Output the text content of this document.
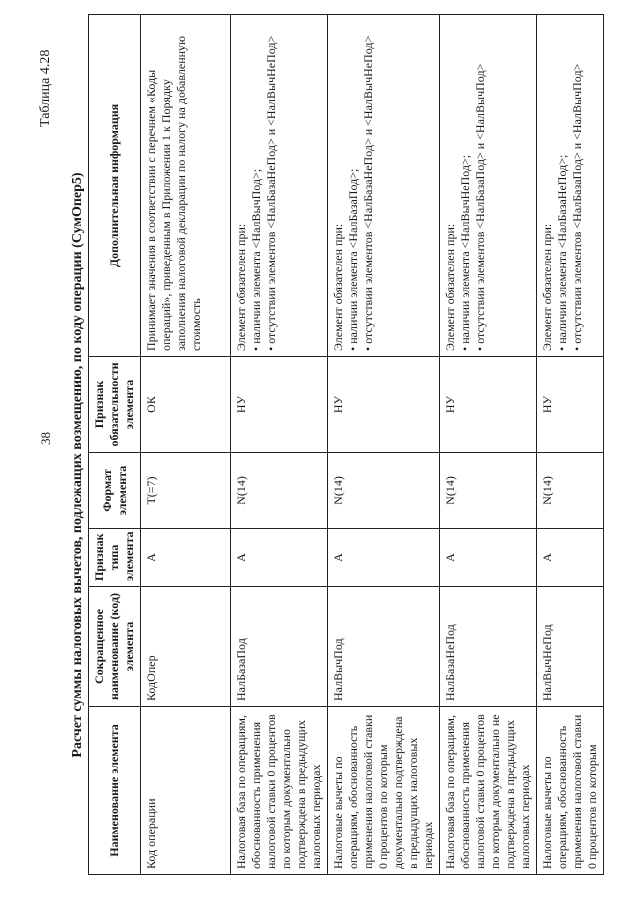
38
Таблица 4.28
Расчет суммы налоговых вычетов, подлежащих возмещению, по коду операции (СумОпер5)
Наименование элемента	Сокращенное наименование (код) элемента	Признак типа элемента	Формат элемента	Признак обязательности элемента	Дополнительная информация
Код операции	КодОпер	А	T(=7)	ОК	Принимает значения в соответствии с перечнем «Коды операций», приведенным в Приложении 1 к Порядку заполнения налоговой декларации по налогу на добавленную стоимость

Налоговая база по операциям, обоснованность применения налоговой ставки 0 процентов по которым документально подтверждена в предыдущих налоговых периодах	НалБазаПод	А	N(14)	НУ	Элемент обязателен при: • наличии элемента <НалВычПод>; • отсутствии элементов <НалБазаНеПод> и <НалВычНеПод>

Налоговые вычеты по операциям, обоснованность применения налоговой ставки 0 процентов по которым документально подтверждена в предыдущих налоговых периодах	НалВычПод	А	N(14)	НУ	Элемент обязателен при: • наличии элемента <НалБазаПод>; • отсутствии элементов <НалБазаНеПод> и <НалВычНеПод>

Налоговая база по операциям, обоснованность применения налоговой ставки 0 процентов по которым документально не подтверждена в предыдущих налоговых периодах	НалБазаНеПод	А	N(14)	НУ	Элемент обязателен при: • наличии элемента <НалВычНеПод>; • отсутствии элементов <НалБазаПод> и <НалВычПод>

Налоговые вычеты по операциям, обоснованность применения налоговой ставки 0 процентов по которым	НалВычНеПод	А	N(14)	НУ	Элемент обязателен при: • наличии элемента <НалБазаНеПод>; • отсутствии элементов <НалБазаПод> и <НалВычПод>
